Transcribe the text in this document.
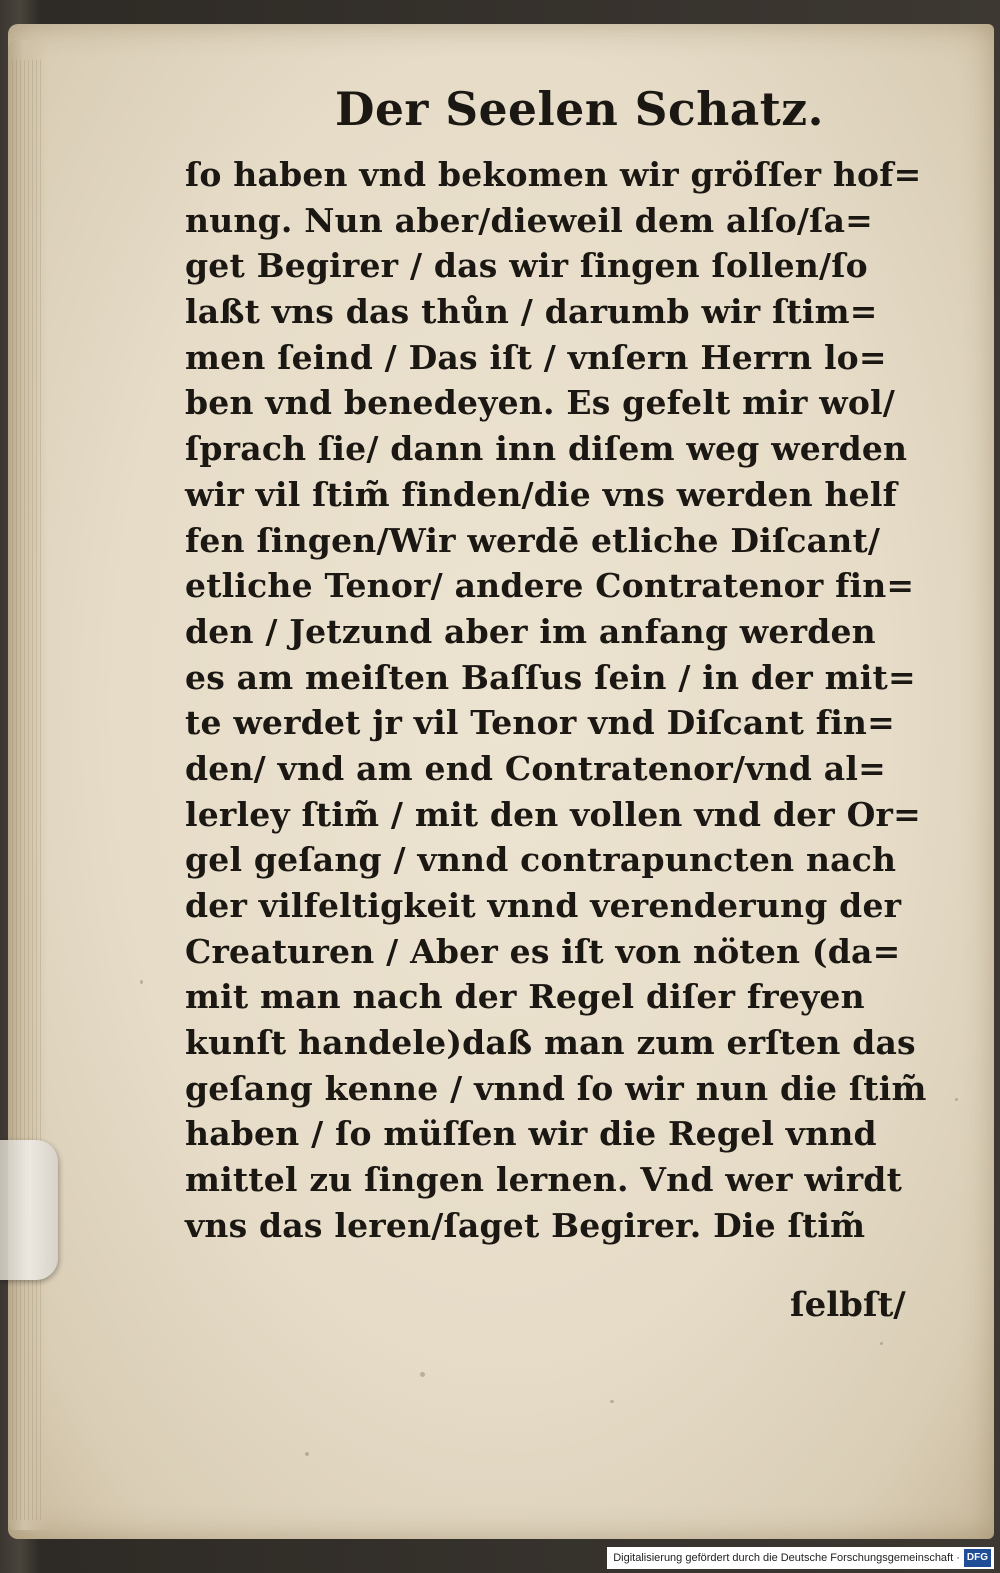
Der Seelen Schatz.
ſo haben vnd bekomen wir gröſſer hof=
nung. Nun aber/dieweil dem alſo/ſa=
get Begirer / das wir ſingen ſollen/ſo
laßt vns das thůn / darumb wir ſtim=
men ſeind / Das iſt / vnſern Herrn lo=
ben vnd benedeyen. Es gefelt mir wol/
ſprach ſie/ dann inn diſem weg werden
wir vil ſtim̃ finden/die vns werden helf
fen ſingen/Wir werdē etliche Diſcant/
etliche Tenor/ andere Contratenor fin=
den / Jetzund aber im anfang werden
es am meiſten Baſſus ſein / in der mit=
te werdet jr vil Tenor vnd Diſcant fin=
den/ vnd am end Contratenor/vnd al=
lerley ſtim̃ / mit den vollen vnd der Or=
gel geſang / vnnd contrapuncten nach
der vilfeltigkeit vnnd verenderung der
Creaturen / Aber es iſt von nöten (da=
mit man nach der Regel diſer freyen
kunſt handele)daß man zum erſten das
geſang kenne / vnnd ſo wir nun die ſtim̃
haben / ſo müſſen wir die Regel vnnd
mittel zu ſingen lernen. Vnd wer wirdt
vns das leren/ſaget Begirer. Die ſtim̃
ſelbſt/
Digitalisierung gefördert durch die Deutsche Forschungsgemeinschaft · DFG
